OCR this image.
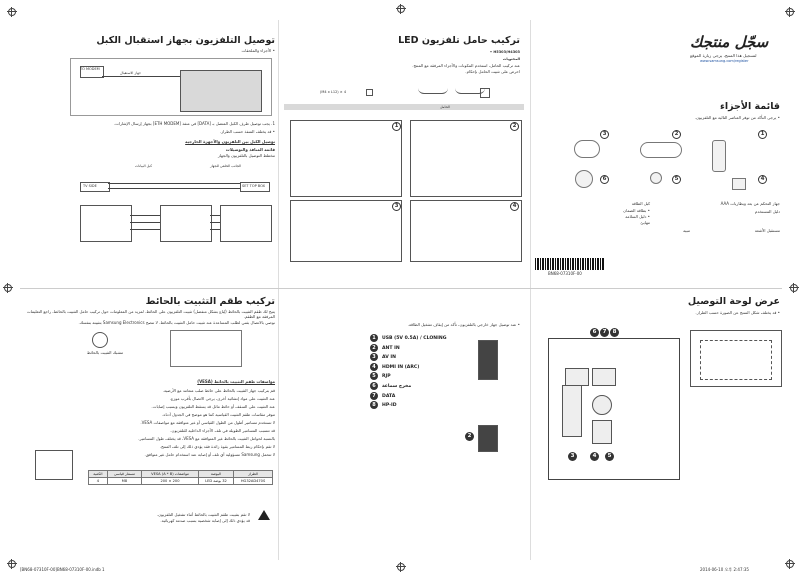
سجّل منتجك
لتسجيل هذا المنتج، يرجى زيارة الموقع
www.samsung.com/register
قائمة الأجزاء
• يرجى التأكد من توفر العناصر التالية مع التلفزيون.
1
2
3
4
5
6
جهاز التحكم عن بعد وبطاريات AAA
دليل المستخدم
كبل الطاقة
• بطاقة الضمان
• دليل السلامة
مهايئ
مستقبل الأشعة
تنبيه
تركيب حامل تلفزيون LED
• H5303/H4303
المحتويات
عند تركيب الحامل، استخدم المكونات والأجزاء المرفقة مع المنتج.
احرص على تثبيت الحامل بإحكام.
(M4 x L12) × 4
الحامل
1	2
3	4
BN68-07310F-00
توصيل التلفزيون بجهاز استقبال الكبل
• الأجزاء والملحقات
TO MODEM
جهاز الاستقبال
1. يجب توصيل طرف الكبل المتصل بـ [DATA] في منفذ [ETH MODEM] بجهاز إرسال الإشارات.
• قد يختلف المنفذ حسب الطراز.
توصيل الكبل بين التلفزيون والأجهزة الخارجية
قائمة المنافذ والتوصيلات
مخطط التوصيل بالتلفزيون والجهاز
الجانب الخلفي للجهاز
كبل البيانات
TV SIDE	SET TOP BOX
عرض لوحة التوصيل
• قد يختلف شكل المنتج عن الصورة حسب الطراز.
• عند توصيل جهاز خارجي بالتلفزيون، تأكد من إيقاف تشغيل الطاقة.
6	7	8
3	4	5
2
1 USB (5V 0.5A) / CLONING
2 ANT IN
3 AV IN
4 HDMI IN (ARC)
5 RJP
6 مخرج سماعة
7 DATA
8 HP-ID
تركيب طقم التثبيت بالحائط
يتيح لك طقم التثبيت بالحائط (يُباع بشكل منفصل) تثبيت التلفزيون على الحائط. لمزيد من المعلومات حول تركيب حامل التثبيت بالحائط، راجع التعليمات المرفقة مع الطقم.
نوصي بالاتصال بفني لطلب المساعدة عند تثبيت حامل التثبيت بالحائط. لا تنصح Samsung Electronics بتثبيته بنفسك.
مشبك التثبيت بالحائط
مواصفات طقم التثبيت بالحائط (VESA)
قم بتركيب جهاز التثبيت بالحائط على حائط صلب متعامد مع الأرضية.
عند التثبيت على مواد إنشائية أخرى، يرجى الاتصال بأقرب موزع.
عند التثبيت على السقف أو حائط مائل قد يسقط التلفزيون ويسبب إصابات.
تتوفر مقاسات طقم التثبيت القياسية كما هو موضح في الجدول أدناه.
لا تستخدم مسامير أطول من الطول القياسي أو غير متوافقة مع مواصفات VESA.
قد تتسبب المسامير الطويلة في تلف الأجزاء الداخلية للتلفزيون.
بالنسبة لحوامل التثبيت بالحائط غير المتوافقة مع VESA، قد يختلف طول المسامير.
لا تقم بإحكام ربط المسامير بقوة زائدة فقد يؤدي ذلك إلى تلف المنتج.
لا تتحمل Samsung مسؤولية أي تلف أو إصابة عند استخدام حامل غير متوافق.
الطراز	البوصة	مواصفات VESA (A * B)	مسمار قياسي	الكمية
HG32AD470S	32 بوصة LED	200 × 200	M8	4
لا تقم بتثبيت طقم التثبيت بالحائط أثناء تشغيل التلفزيون.
قد يؤدي ذلك إلى إصابة شخصية بسبب صدمة كهربائية.
[BN68-07310F-00]BN68-07310F-00.indb 1	2014-06-10 오후 2:47:35
